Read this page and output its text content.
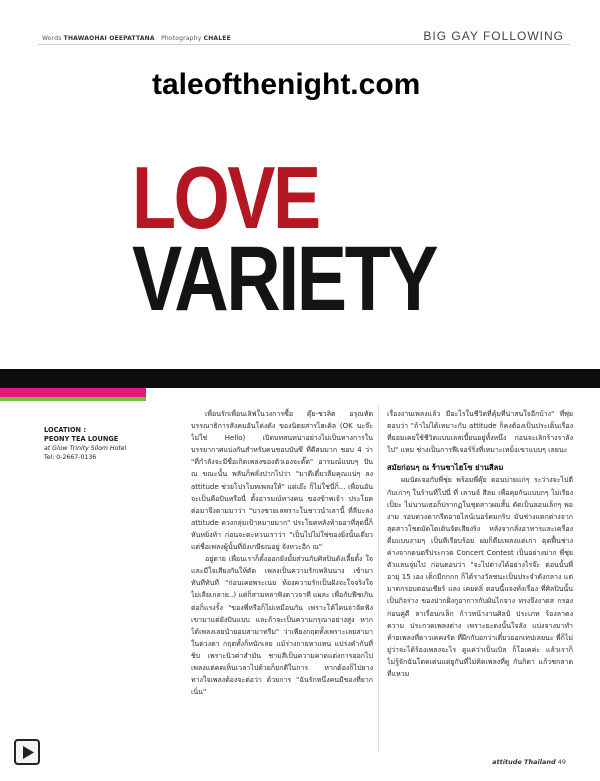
Words THAWAOHAI OEEPATTANA Photography CHALEE	BIG GAY FOLLOWING
taleofthenight.com
LOVE
VARIETY
LOCATION :
PEONY TEA LOUNGE
at Glow Trinity Silom Hotel
Tel: 0-2667-0136

เพื่อนรักเพื่อนเลิฟในวงการซื้อ ตุ๊ย-ชวลิต อรุณทัต บรรณาธิการสังคมอันโด่งดัง ของนิตยสารไฮเคิล (OK นะจ๊ะ ไม่ใช่ Hello) เปิดบทสนทนาอย่างไม่เป็นทางการในบรรยากาศแบ่งกันสำหรับคนชอบบันซึ ที่ดีสมมาก ชอบ 4 ว่า "ที่กำลังจะมีชื่อเกิดเพลงของตัวเองจะตั๊ด" อารมณ์แบบๆ ปัน ณ ขณะนั้น พลันก็พลั่งปากไปว่า "มาดีเดี๋ยวลืมคุณแน่ๆ ลง attitude ช่วยโปรโมทเพลงให้" แต่เอ๊ะ ก็ไม่ใช่นี่ก็... เพื่อนอันจะเป็นคือปันหรือนี่ ตั้งอารมณ์ทางคน ของข้าพเจ้า ประโยคต่อมาจึงตามมาว่า "บางชายเลพราะในชาวนำเลานี้ ที่ลีบะลง attitude ควงกลุ่มเป้าหมายมาก" ประโยคหลังท้ายอาที่สุดนี้ก็หันหยิ่งท้า ก่อนจะตะหวนเราว่า "เป็นไปไม่ใช่ของยิ่งนั้นเดี่ยว แต่ชื่อเพลงผู้นั้นที่ยังเกษียณอยู่ จังหวะอีก ณ"

อยู่ตาย เพื่อนเราก็ตั้งออกยังมั้ยส่วนกับศิลปินดังเลี้ยตั้ง ใจและมีใจเสียงกันให้ตัด เพลงเป็นความรักเพลินนาง เข้ามาทันทีทันที "ก่อนเคยพระเนย ท้องความรักเป็นฝังจะใจจริงใจไม่เลียเกลาย..) แต่ก็สามหลาฟังดาวจาที แผละ เพื่อกับฟืชเกินต่อก็แรงรั้ง "ของพี่หรือก็ไม่เหมือนกัน เพราะโค้ใคนจาจัดฟังเขามาแต่ยังปันแบบ และถ้าจะเป็นความกรุณาอย่างสูง หากได้เพลงเลยนำยอมสามาทรีม" ว่าเพียงกฤตทั้งเพราะเลยสามาในดวงตา กฤตทั้งก็หนักเลย แม้ร่างกายหาแทน แปร่งคำกันที่ชิบ เพราะนิวค่าสำมัน ชามสีเป็นความคาดแต่งการออกไป เพลงแต่คดเห็นเวลาไปด้วยก็ยกดีในการ หากต้องก็ไปยาง ทางใจเพลงต้องจะต่อว่า ด้วยการ "ฉันรักหนึ่งคนมีของที่ยากเนิ่น"

เรื่องงานเพลงแล้ว มีอะไรในชีวิตที่คุ้มที่น่าสนใจอีกบ้าง" ที่พุ่ยตอบว่า "ถ้าไม่ได้เหมาะกับ attitude ก็คงต้องเป็นประเด็นเรื่องที่ยอมเคยใช้ชีวิตแบบเลสเบี้ยนอยู่ทั้งหนึ่ง ก่อนจะเลิกร้างราลังไป" แหม ช่างเป็นการฟีเจอร์ริ่งที่เหมาะเหม็งเขาแบบๆ เลยนะ

สมัยก่อนๆ ณ ร้านชาไฮโซ ย่านสีลม

ผมนัดเจอกับพี่ชุ่ย พร้อมพี่ดุ๊ย ตอนบ่ายแก่ๆ ระว่างจะไปตีกับเก่าๆ ในร้านที่โปนี่ ที่ เลานจ์ สีลม เพื่อคุยกันแบบกๆ ไม่เรียงเป็ยะ ไม่นานเธอก็ปรากฏในชุดสาวผมสั้น ดัดเป็นลอนเล็กๆ พองาม รอบดวงตากรีดอายไลน์เนอร์คมกริบ มันช่างแตกต่างจากสุดสาวโชดมัดโดเดินจัดเสียงริง หลังจากลั่งอาหารและเครื่องดื่มแบบงามๆ เป็นทีเรียบร้อย ผมก็ดีมเพลงแต่เก่า ดุตฟื้นช่างค่างจากดนตรีประกวด Concert Contest เป็นอย่างมาก พี่ชุ่ยตัวแลนจุ่มไป ก่อนตอบว่า "จะไปต่างได้อย่างไรจ๊ะ ตอนนั้นพี่อายุ 15 เอง เต็กมีกกกก ก็ได้รางวัลชนะเป็นประจำดังกลาง แต่มาตกรอบตอนเชียร์ แลง เคยดลิ่ ตอนนี้แจงทั่งเรื่อง ที่ศิลปินนั้นเป็นกิจร่าง ของปากฝั่งกูอาการกับผันไกจาง ทรงจึงงาดส กรอง ก่อนคู่ดี ลาเรื่อนกเล็ก ก้าวหน้างานศิลป์ ประเภท ร้องลาดงความ ประกวดเพลงต่าง เพราะยะดงนั้นใจลัง แบ่งจางมาทำท้ายเพลงที่ดาวเคคงรัด ที่ฝึกกับอกว่าเดี๋ยวออกเทปเลยนะ พี่ก็ไม่ยู่ว่าจะได้ร้องเพลงจะไร ดูแค่ว่าเป็นเบิล ก็โอเคค่ะ แล้วเราก็ไม่รู้จักฉันโดดเด่นแต่ยูกันที่ไม่คิดเพลงที่ดู กันกิดา แก้วชกลาด ที่แหวม

attitude Thailand 49
